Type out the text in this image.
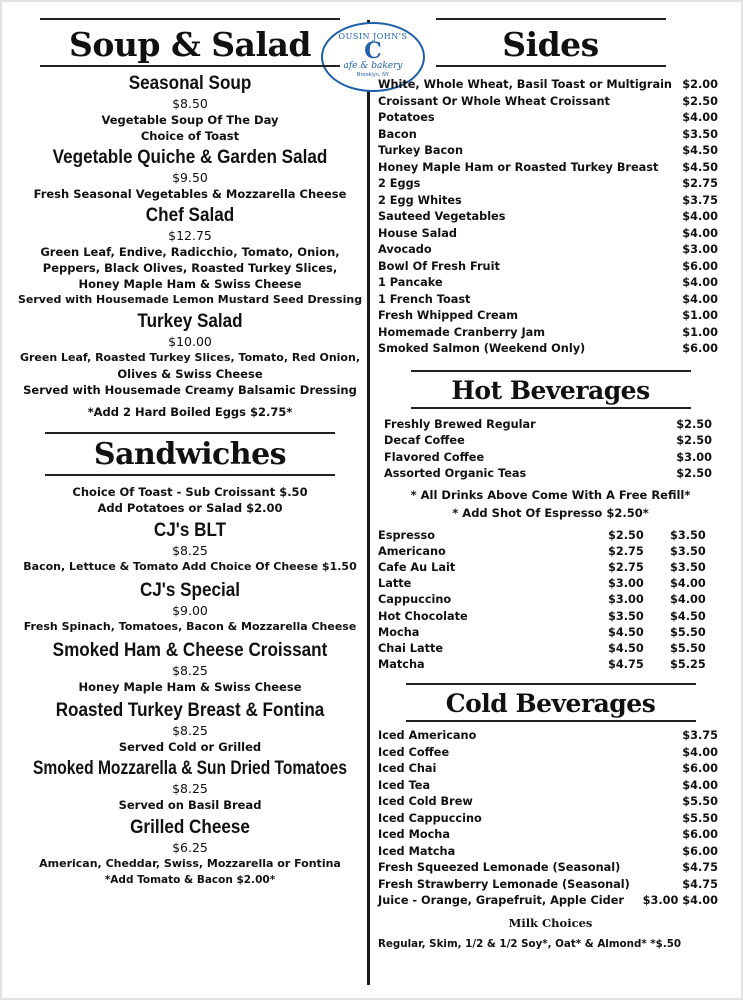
OUSIN JOHN'S
C
afe & bakery
Brooklyn, NY
Soup & Salad
Seasonal Soup
$8.50
Vegetable Soup Of The Day
Choice of Toast
Vegetable Quiche & Garden Salad
$9.50
Fresh Seasonal Vegetables & Mozzarella Cheese
Chef Salad
$12.75
Green Leaf, Endive, Radicchio, Tomato, Onion,
Peppers, Black Olives, Roasted Turkey Slices,
Honey Maple Ham & Swiss Cheese
Served with Housemade Lemon Mustard Seed Dressing
Turkey Salad
$10.00
Green Leaf, Roasted Turkey Slices, Tomato, Red Onion,
Olives & Swiss Cheese
Served with Housemade Creamy Balsamic Dressing
*Add 2 Hard Boiled Eggs $2.75*
Sandwiches
Choice Of Toast - Sub Croissant $.50
Add Potatoes or Salad $2.00
CJ's BLT
$8.25
Bacon, Lettuce & Tomato Add Choice Of Cheese $1.50
CJ's Special
$9.00
Fresh Spinach, Tomatoes, Bacon & Mozzarella Cheese
Smoked Ham & Cheese Croissant
$8.25
Honey Maple Ham & Swiss Cheese
Roasted Turkey Breast & Fontina
$8.25
Served Cold or Grilled
Smoked Mozzarella & Sun Dried Tomatoes
$8.25
Served on Basil Bread
Grilled Cheese
$6.25
American, Cheddar, Swiss, Mozzarella or Fontina
*Add Tomato & Bacon $2.00*
Sides
White, Whole Wheat, Basil Toast or Multigrain $2.00
Croissant Or Whole Wheat Croissant	$2.50
Potatoes	$4.00
Bacon	$3.50
Turkey Bacon	$4.50
Honey Maple Ham or Roasted Turkey Breast $4.50
2 Eggs	$2.75
2 Egg Whites	$3.75
Sauteed Vegetables	$4.00
House Salad	$4.00
Avocado	$3.00
Bowl Of Fresh Fruit	$6.00
1 Pancake	$4.00
1 French Toast	$4.00
Fresh Whipped Cream	$1.00
Homemade Cranberry Jam	$1.00
Smoked Salmon (Weekend Only)	$6.00
Hot Beverages
Freshly Brewed Regular	$2.50
Decaf Coffee	$2.50
Flavored Coffee	$3.00
Assorted Organic Teas	$2.50
* All Drinks Above Come With A Free Refill*
* Add Shot Of Espresso $2.50*
Espresso	$2.50	$3.50
Americano	$2.75	$3.50
Cafe Au Lait	$2.75	$3.50
Latte	$3.00	$4.00
Cappuccino	$3.00	$4.00
Hot Chocolate	$3.50	$4.50
Mocha	$4.50	$5.50
Chai Latte	$4.50	$5.50
Matcha	$4.75	$5.25
Cold Beverages
Iced Americano	$3.75
Iced Coffee	$4.00
Iced Chai	$6.00
Iced Tea	$4.00
Iced Cold Brew	$5.50
Iced Cappuccino	$5.50
Iced Mocha	$6.00
Iced Matcha	$6.00
Fresh Squeezed Lemonade (Seasonal)	$4.75
Fresh Strawberry Lemonade (Seasonal)	$4.75
Juice - Orange, Grapefruit, Apple Cider $3.00 $4.00
Milk Choices
Regular, Skim, 1/2 & 1/2 Soy*, Oat* & Almond* *$.50
